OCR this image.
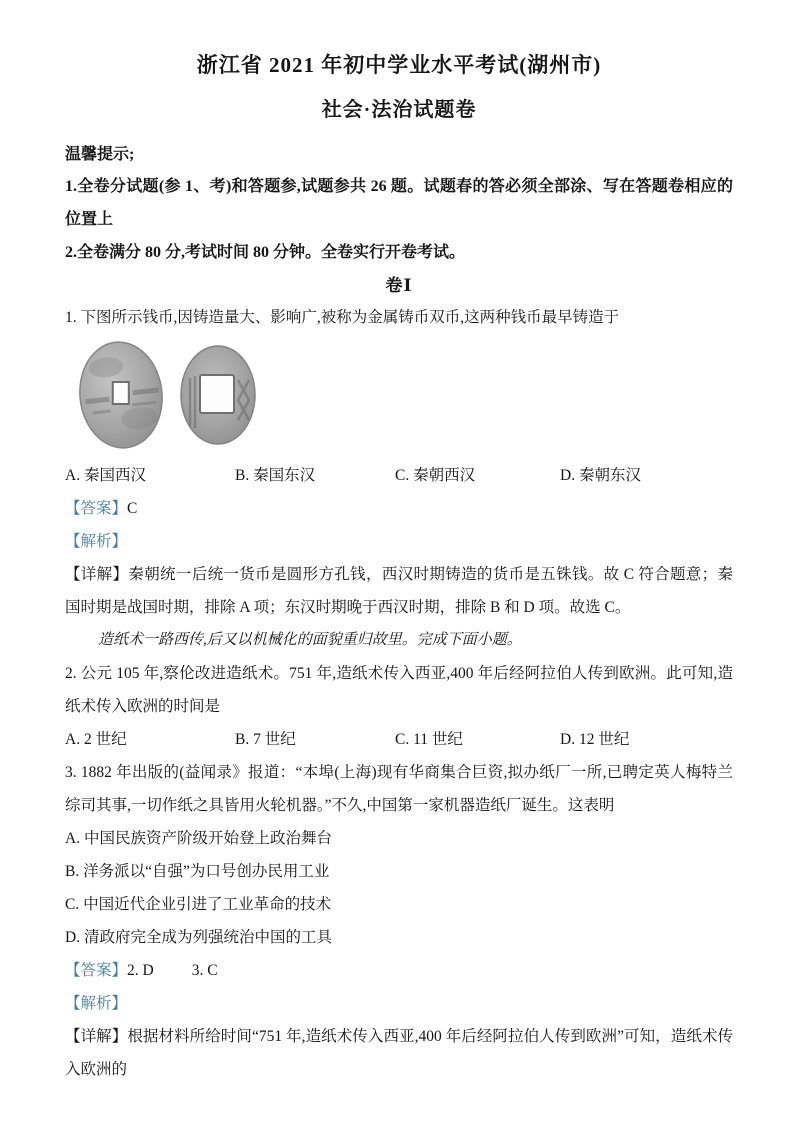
浙江省 2021 年初中学业水平考试(湖州市)
社会·法治试题卷

温馨提示;

1.全卷分试题(参 1、考)和答题参,试题参共 26 题。试题春的答必须全部涂、写在答题卷相应的位置上

2.全卷满分 80 分,考试时间 80 分钟。全卷实行开卷考试。

卷Ⅰ

1. 下图所示钱币,因铸造量大、影响广,被称为金属铸币双币,这两种钱币最早铸造于

A. 秦国西汉	B. 秦国东汉	C. 秦朝西汉	D. 秦朝东汉

【答案】C

【解析】

【详解】秦朝统一后统一货币是圆形方孔钱，西汉时期铸造的货币是五铢钱。故 C 符合题意；秦国时期是战国时期，排除 A 项；东汉时期晚于西汉时期，排除 B 和 D 项。故选 C。

造纸术一路西传,后又以机械化的面貌重归故里。完成下面小题。

2. 公元 105 年,察伦改进造纸术。751 年,造纸术传入西亚,400 年后经阿拉伯人传到欧洲。此可知,造纸术传入欧洲的时间是

A. 2 世纪	B. 7 世纪	C. 11 世纪	D. 12 世纪

3. 1882 年出版的(益闻录》报道：“本埠(上海)现有华商集合巨资,拟办纸厂一所,已聘定英人梅特兰综司其事,一切作纸之具皆用火轮机器。”不久,中国第一家机器造纸厂诞生。这表明

A. 中国民族资产阶级开始登上政治舞台

B. 洋务派以“自强”为口号创办民用工业

C. 中国近代企业引进了工业革命的技术

D. 清政府完全成为列强统治中国的工具

【答案】2. D 3. C

【解析】

【详解】根据材料所给时间“751 年,造纸术传入西亚,400 年后经阿拉伯人传到欧洲”可知，造纸术传入欧洲的
